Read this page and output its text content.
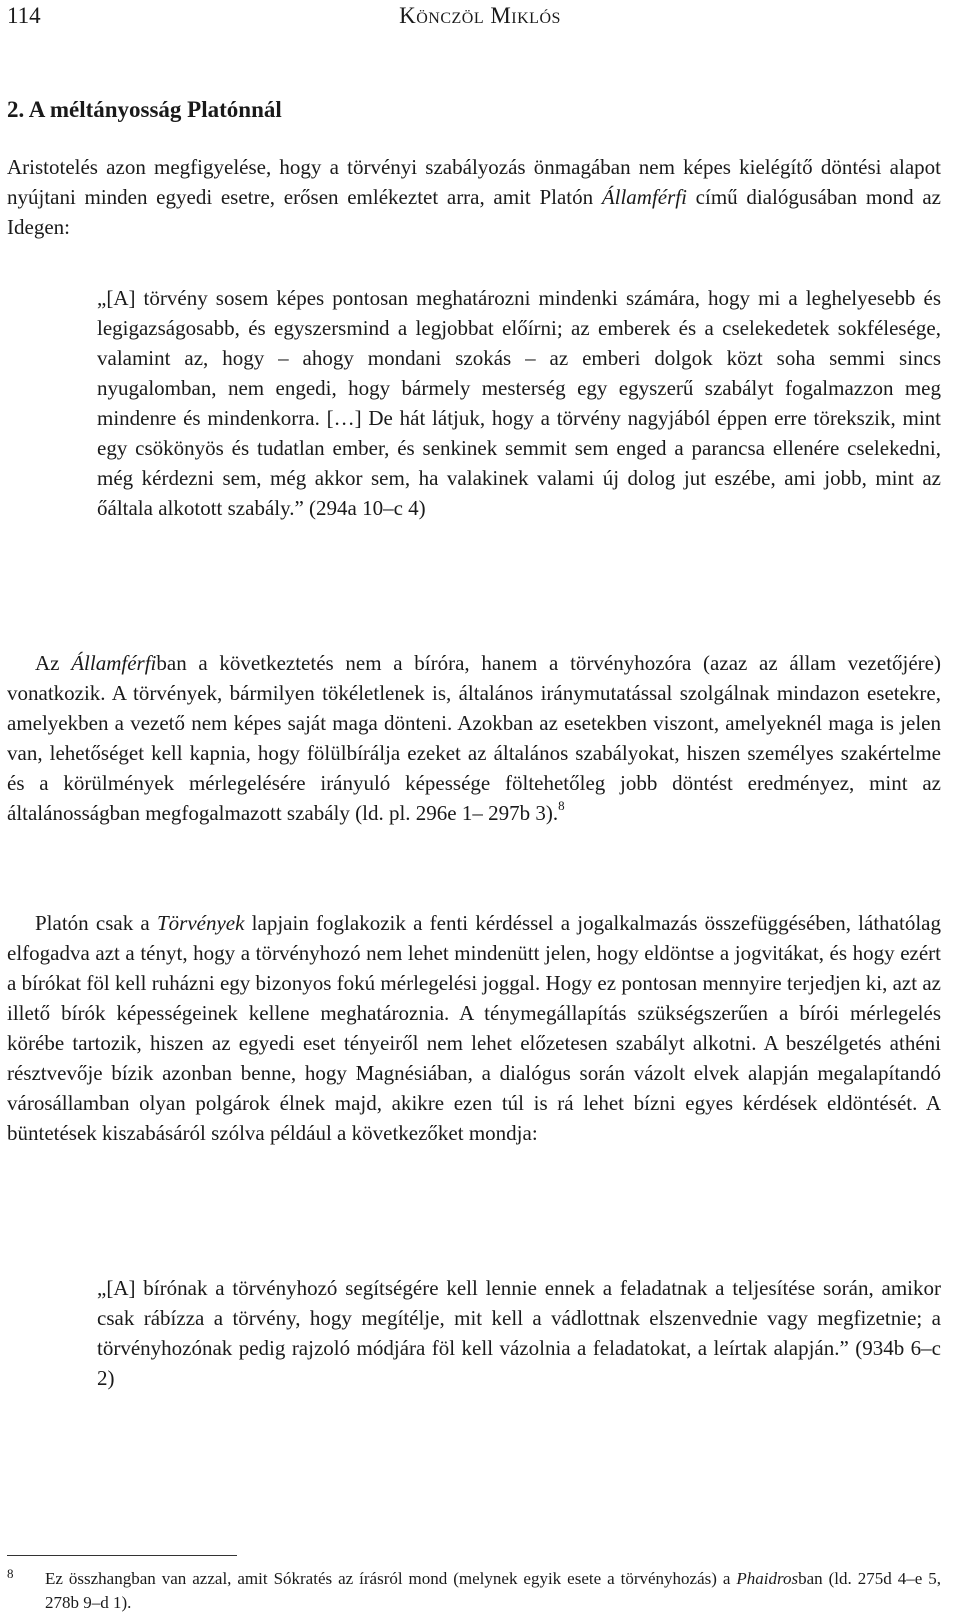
114	Könczöl Miklós
2. A méltányosság Platónnál

Aristotelés azon megfigyelése, hogy a törvényi szabályozás önmagában nem képes kielégítő döntési alapot nyújtani minden egyedi esetre, erősen emlékeztet arra, amit Platón Államférfi című dialógusában mond az Idegen:

„[A] törvény sosem képes pontosan meghatározni mindenki számára, hogy mi a leghelyesebb és legigazságosabb, és egyszersmind a legjobbat előírni; az emberek és a cselekedetek sokfélesége, valamint az, hogy – ahogy mondani szokás – az emberi dolgok közt soha semmi sincs nyugalomban, nem engedi, hogy bármely mesterség egy egyszerű szabályt fogalmazzon meg mindenre és mindenkorra. […] De hát látjuk, hogy a törvény nagyjából éppen erre törekszik, mint egy csökönyös és tudatlan ember, és senkinek semmit sem enged a parancsa ellenére cselekedni, még kérdezni sem, még akkor sem, ha valakinek valami új dolog jut eszébe, ami jobb, mint az őáltala alkotott szabály.” (294a 10–c 4)

Az Államférfiban a következtetés nem a bíróra, hanem a törvényhozóra (azaz az állam vezetőjére) vonatkozik. A törvények, bármilyen tökéletlenek is, általános iránymutatással szolgálnak mindazon esetekre, amelyekben a vezető nem képes saját maga dönteni. Azokban az esetekben viszont, amelyeknél maga is jelen van, lehetőséget kell kapnia, hogy fölülbírálja ezeket az általános szabályokat, hiszen személyes szakértelme és a körülmények mérlegelésére irányuló képessége föltehetőleg jobb döntést eredményez, mint az általánosságban megfogalmazott szabály (ld. pl. 296e 1– 297b 3).$^8$

Platón csak a Törvények lapjain foglakozik a fenti kérdéssel a jogalkalmazás összefüggésében, láthatólag elfogadva azt a tényt, hogy a törvényhozó nem lehet mindenütt jelen, hogy eldöntse a jogvitákat, és hogy ezért a bírókat föl kell ruházni egy bizonyos fokú mérlegelési joggal. Hogy ez pontosan mennyire terjedjen ki, azt az illető bírók képességeinek kellene meghatároznia. A ténymegállapítás szükségszerűen a bírói mérlegelés körébe tartozik, hiszen az egyedi eset tényeiről nem lehet előzetesen szabályt alkotni. A beszélgetés athéni résztvevője bízik azonban benne, hogy Magnésiában, a dialógus során vázolt elvek alapján megalapítandó városállamban olyan polgárok élnek majd, akikre ezen túl is rá lehet bízni egyes kérdések eldöntését. A büntetések kiszabásáról szólva például a következőket mondja:

„[A] bírónak a törvényhozó segítségére kell lennie ennek a feladatnak a teljesítése során, amikor csak rábízza a törvény, hogy megítélje, mit kell a vádlottnak elszenvednie vagy megfizetnie; a törvényhozónak pedig rajzoló módjára föl kell vázolnia a feladatokat, a leírtak alapján.” (934b 6–c 2)

8 Ez összhangban van azzal, amit Sókratés az írásról mond (melynek egyik esete a törvényhozás) a Phaidrosban (ld. 275d 4–e 5, 278b 9–d 1).
